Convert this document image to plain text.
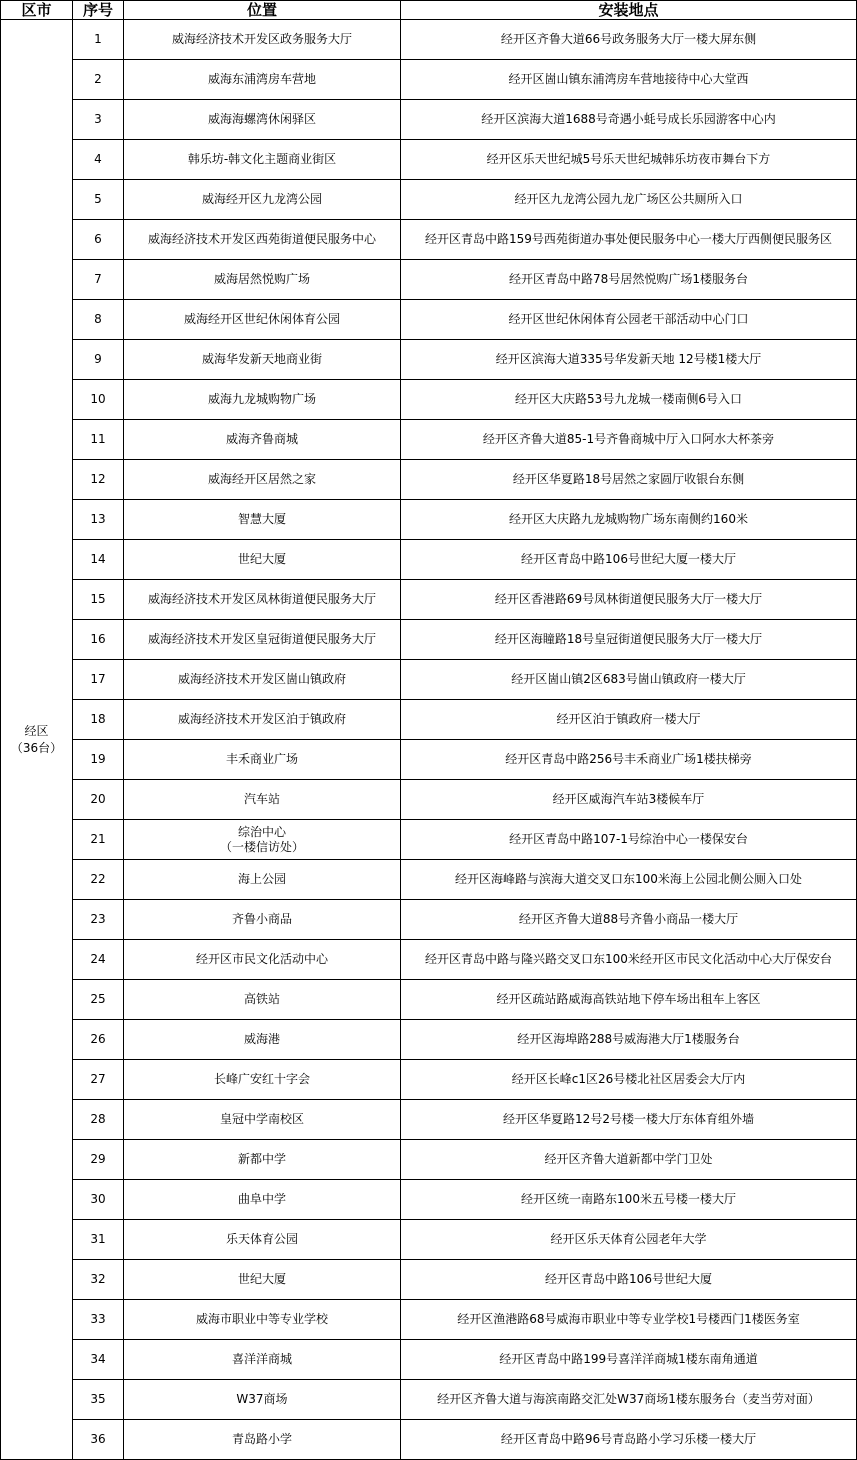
区市	序号	位置	安装地点

经区
（36台）	1	威海经济技术开发区政务服务大厅	经开区齐鲁大道66号政务服务大厅一楼大屏东侧
	2	威海东浦湾房车营地	经开区崮山镇东浦湾房车营地接待中心大堂西
	3	威海海螺湾休闲驿区	经开区滨海大道1688号奇遇小蚝号成长乐园游客中心内
	4	韩乐坊-韩文化主题商业街区	经开区乐天世纪城5号乐天世纪城韩乐坊夜市舞台下方
	5	威海经开区九龙湾公园	经开区九龙湾公园九龙广场区公共厕所入口
	6	威海经济技术开发区西苑街道便民服务中心	经开区青岛中路159号西苑街道办事处便民服务中心一楼大厅西侧便民服务区
	7	威海居然悦购广场	经开区青岛中路78号居然悦购广场1楼服务台
	8	威海经开区世纪休闲体育公园	经开区世纪休闲体育公园老干部活动中心门口
	9	威海华发新天地商业街	经开区滨海大道335号华发新天地 12号楼1楼大厅
	10	威海九龙城购物广场	经开区大庆路53号九龙城一楼南侧6号入口
	11	威海齐鲁商城	经开区齐鲁大道85-1号齐鲁商城中厅入口阿水大杯茶旁
	12	威海经开区居然之家	经开区华夏路18号居然之家圆厅收银台东侧
	13	智慧大厦	经开区大庆路九龙城购物广场东南侧约160米
	14	世纪大厦	经开区青岛中路106号世纪大厦一楼大厅
	15	威海经济技术开发区凤林街道便民服务大厅	经开区香港路69号凤林街道便民服务大厅一楼大厅
	16	威海经济技术开发区皇冠街道便民服务大厅	经开区海瞳路18号皇冠街道便民服务大厅一楼大厅
	17	威海经济技术开发区崮山镇政府	经开区崮山镇2区683号崮山镇政府一楼大厅
	18	威海经济技术开发区泊于镇政府	经开区泊于镇政府一楼大厅
	19	丰禾商业广场	经开区青岛中路256号丰禾商业广场1楼扶梯旁
	20	汽车站	经开区威海汽车站3楼候车厅
	21	综治中心
（一楼信访处）	经开区青岛中路107-1号综治中心一楼保安台
	22	海上公园	经开区海峰路与滨海大道交叉口东100米海上公园北侧公厕入口处
	23	齐鲁小商品	经开区齐鲁大道88号齐鲁小商品一楼大厅
	24	经开区市民文化活动中心	经开区青岛中路与隆兴路交叉口东100米经开区市民文化活动中心大厅保安台
	25	高铁站	经开区疏站路威海高铁站地下停车场出租车上客区
	26	威海港	经开区海埠路288号威海港大厅1楼服务台
	27	长峰广安红十字会	经开区长峰c1区26号楼北社区居委会大厅内
	28	皇冠中学南校区	经开区华夏路12号2号楼一楼大厅东体育组外墙
	29	新都中学	经开区齐鲁大道新都中学门卫处
	30	曲阜中学	经开区统一南路东100米五号楼一楼大厅
	31	乐天体育公园	经开区乐天体育公园老年大学
	32	世纪大厦	经开区青岛中路106号世纪大厦
	33	威海市职业中等专业学校	经开区渔港路68号威海市职业中等专业学校1号楼西门1楼医务室
	34	喜洋洋商城	经开区青岛中路199号喜洋洋商城1楼东南角通道
	35	W37商场	经开区齐鲁大道与海滨南路交汇处W37商场1楼东服务台（麦当劳对面）
	36	青岛路小学	经开区青岛中路96号青岛路小学习乐楼一楼大厅
